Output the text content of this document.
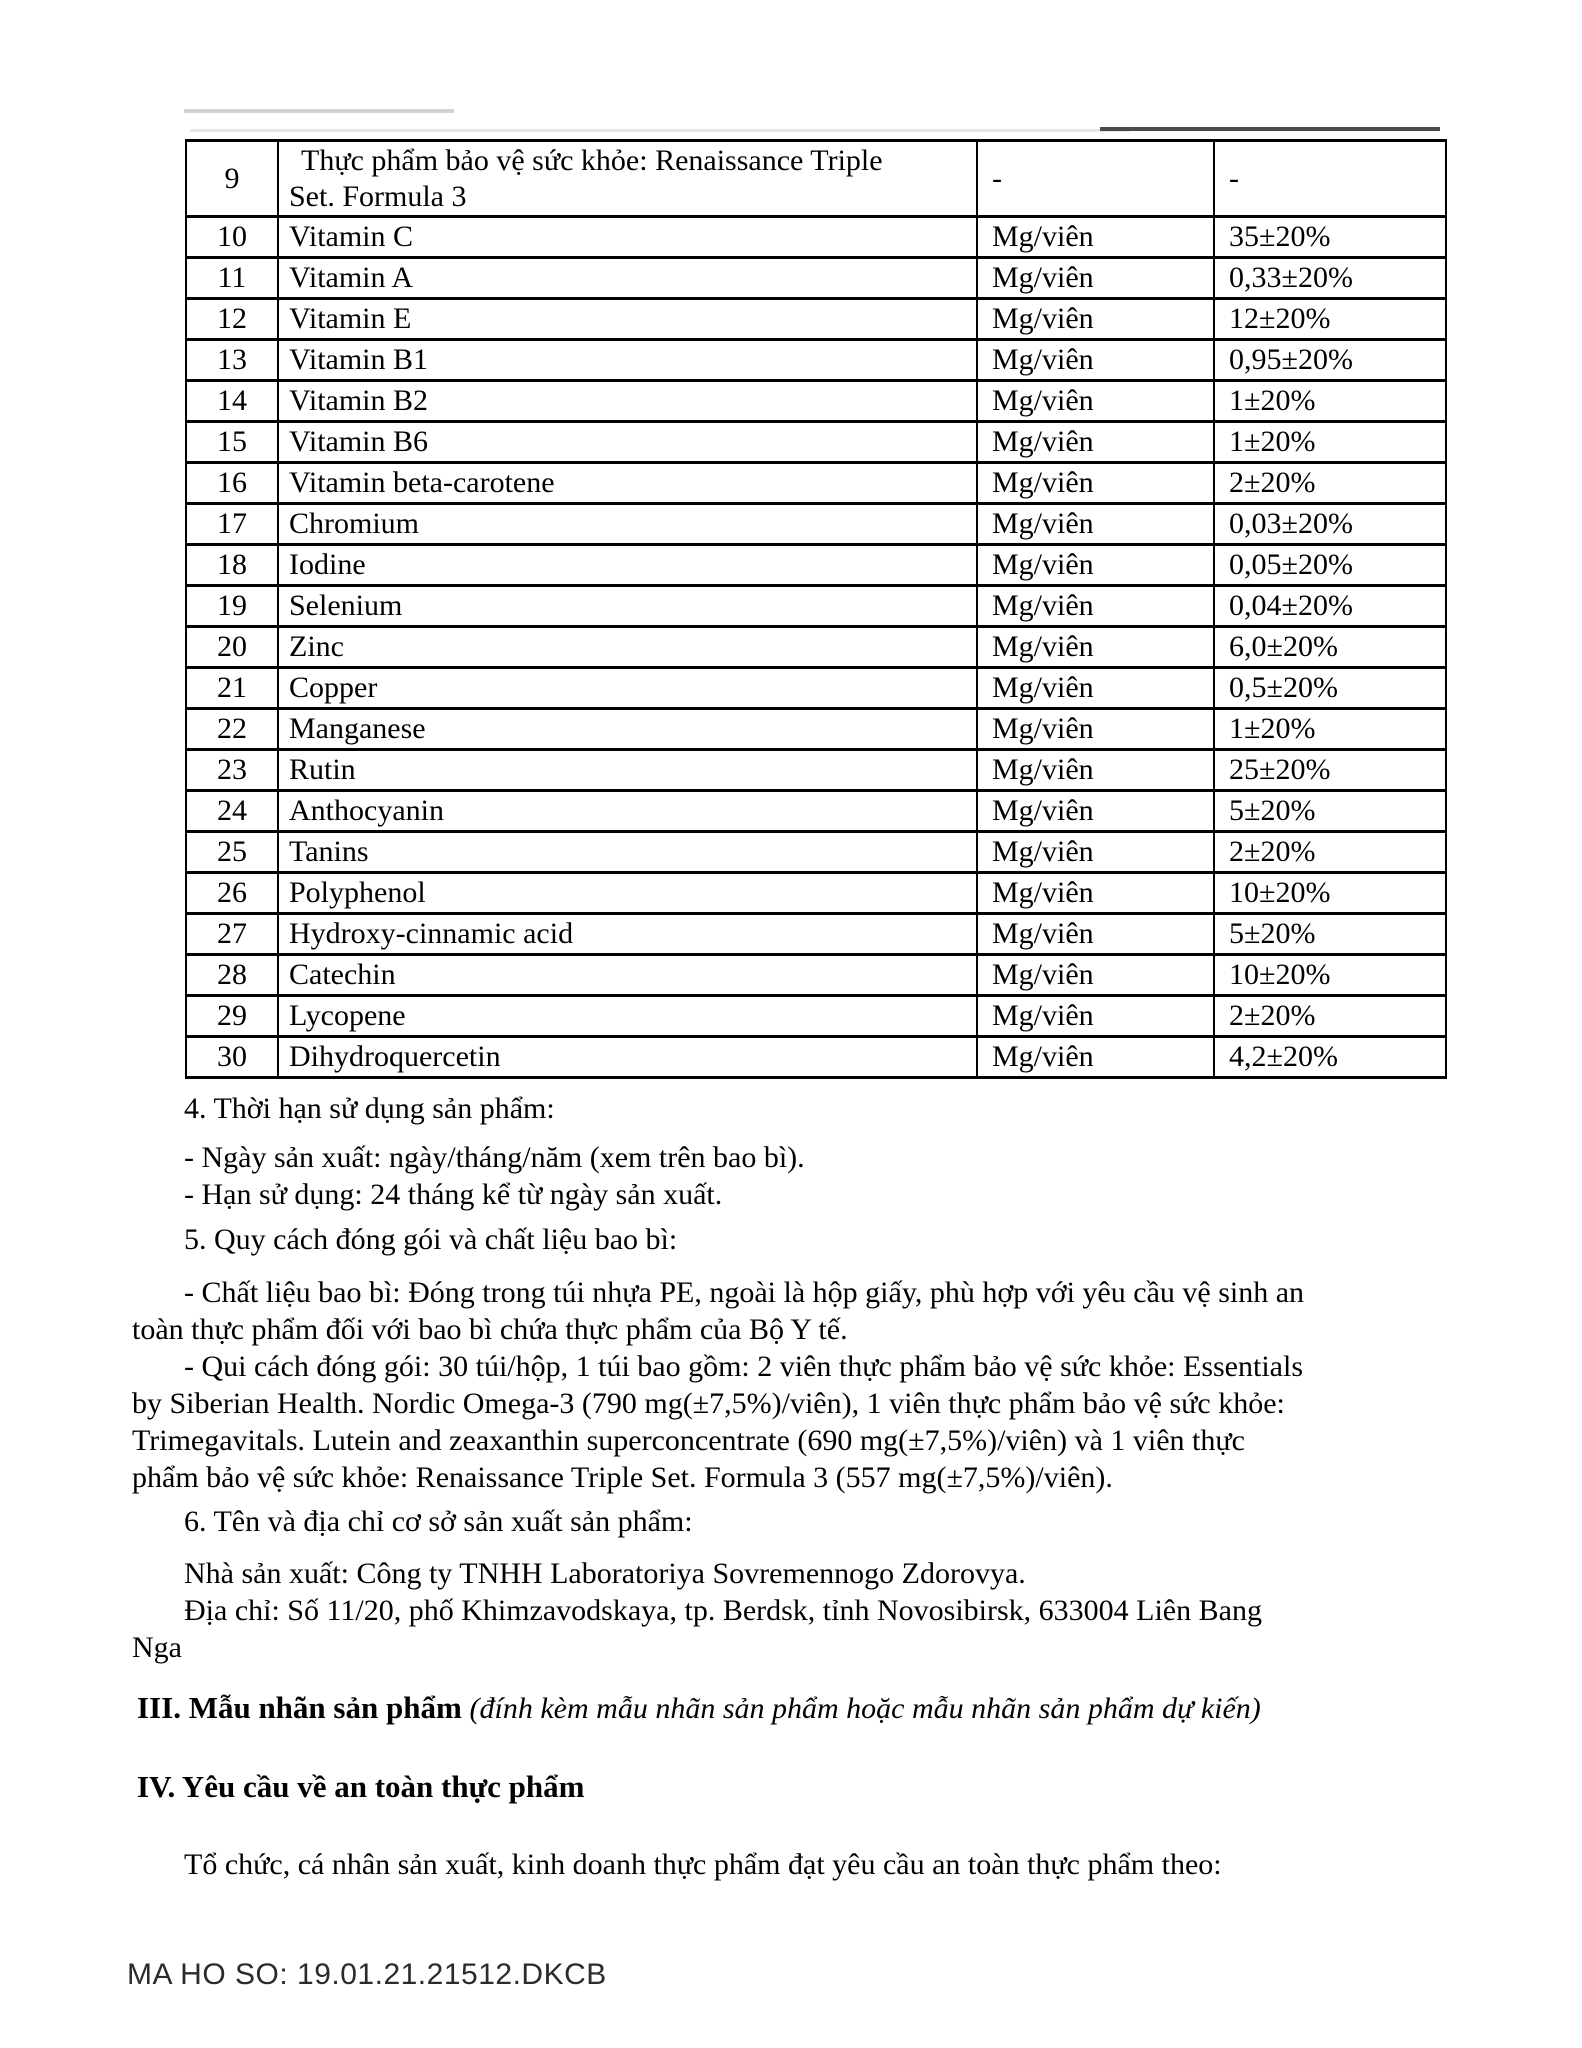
9	Thực phẩm bảo vệ sức khỏe: Renaissance Triple
Set. Formula 3	-	-
10	Vitamin C	Mg/viên	35±20%
11	Vitamin A	Mg/viên	0,33±20%
12	Vitamin E	Mg/viên	12±20%
13	Vitamin B1	Mg/viên	0,95±20%
14	Vitamin B2	Mg/viên	1±20%
15	Vitamin B6	Mg/viên	1±20%
16	Vitamin beta-carotene	Mg/viên	2±20%
17	Chromium	Mg/viên	0,03±20%
18	Iodine	Mg/viên	0,05±20%
19	Selenium	Mg/viên	0,04±20%
20	Zinc	Mg/viên	6,0±20%
21	Copper	Mg/viên	0,5±20%
22	Manganese	Mg/viên	1±20%
23	Rutin	Mg/viên	25±20%
24	Anthocyanin	Mg/viên	5±20%
25	Tanins	Mg/viên	2±20%
26	Polyphenol	Mg/viên	10±20%
27	Hydroxy-cinnamic acid	Mg/viên	5±20%
28	Catechin	Mg/viên	10±20%
29	Lycopene	Mg/viên	2±20%
30	Dihydroquercetin	Mg/viên	4,2±20%
4. Thời hạn sử dụng sản phẩm:
- Ngày sản xuất: ngày/tháng/năm (xem trên bao bì).
- Hạn sử dụng: 24 tháng kể từ ngày sản xuất.
5. Quy cách đóng gói và chất liệu bao bì:
- Chất liệu bao bì: Đóng trong túi nhựa PE, ngoài là hộp giấy, phù hợp với yêu cầu vệ sinh an
toàn thực phẩm đối với bao bì chứa thực phẩm của Bộ Y tế.
- Qui cách đóng gói: 30 túi/hộp, 1 túi bao gồm: 2 viên thực phẩm bảo vệ sức khỏe: Essentials
by Siberian Health. Nordic Omega-3 (790 mg(±7,5%)/viên), 1 viên thực phẩm bảo vệ sức khỏe:
Trimegavitals. Lutein and zeaxanthin superconcentrate (690 mg(±7,5%)/viên) và 1 viên thực
phẩm bảo vệ sức khỏe: Renaissance Triple Set. Formula 3 (557 mg(±7,5%)/viên).
6. Tên và địa chỉ cơ sở sản xuất sản phẩm:
Nhà sản xuất: Công ty TNHH Laboratoriya Sovremennogo Zdorovya.
Địa chỉ: Số 11/20, phố Khimzavodskaya, tp. Berdsk, tỉnh Novosibirsk, 633004 Liên Bang
Nga
III. Mẫu nhãn sản phẩm (đính kèm mẫu nhãn sản phẩm hoặc mẫu nhãn sản phẩm dự kiến)
IV. Yêu cầu về an toàn thực phẩm
Tổ chức, cá nhân sản xuất, kinh doanh thực phẩm đạt yêu cầu an toàn thực phẩm theo:
MA HO SO: 19.01.21.21512.DKCB
